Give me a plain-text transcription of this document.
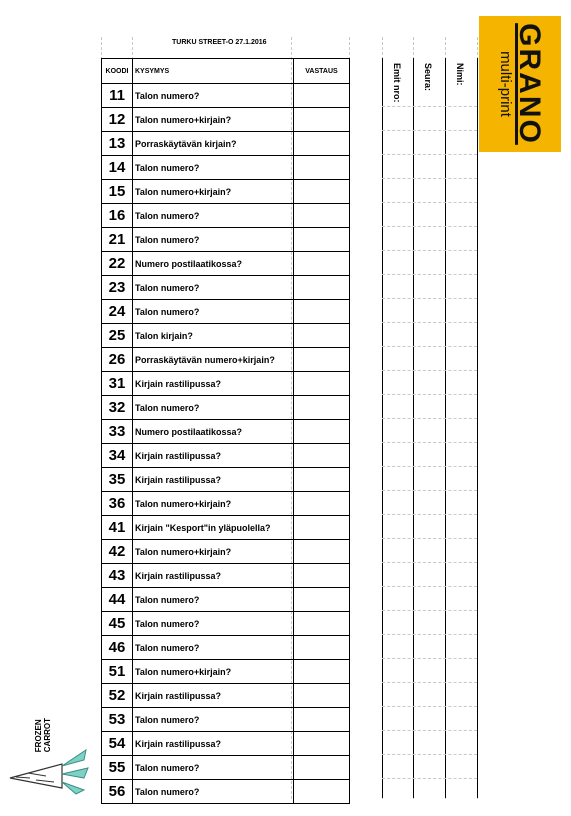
TURKU STREET-O 27.1.2016
Emit nro: Seura: Nimi:
KOODI	KYSYMYS	VASTAUS
11	Talon numero?	
12	Talon numero+kirjain?	
13	Porraskäytävän kirjain?	
14	Talon numero?	
15	Talon numero+kirjain?	
16	Talon numero?	
21	Talon numero?	
22	Numero postilaatikossa?	
23	Talon numero?	
24	Talon numero?	
25	Talon kirjain?	
26	Porraskäytävän numero+kirjain?	
31	Kirjain rastilipussa?	
32	Talon numero?	
33	Numero postilaatikossa?	
34	Kirjain rastilipussa?	
35	Kirjain rastilipussa?	
36	Talon numero+kirjain?	
41	Kirjain "Kesport"in yläpuolella?	
42	Talon numero+kirjain?	
43	Kirjain rastilipussa?	
44	Talon numero?	
45	Talon numero?	
46	Talon numero?	
51	Talon numero+kirjain?	
52	Kirjain rastilipussa?	
53	Talon numero?	
54	Kirjain rastilipussa?	
55	Talon numero?	
56	Talon numero?	
GRANO
multi-print
FROZEN
CARROT
